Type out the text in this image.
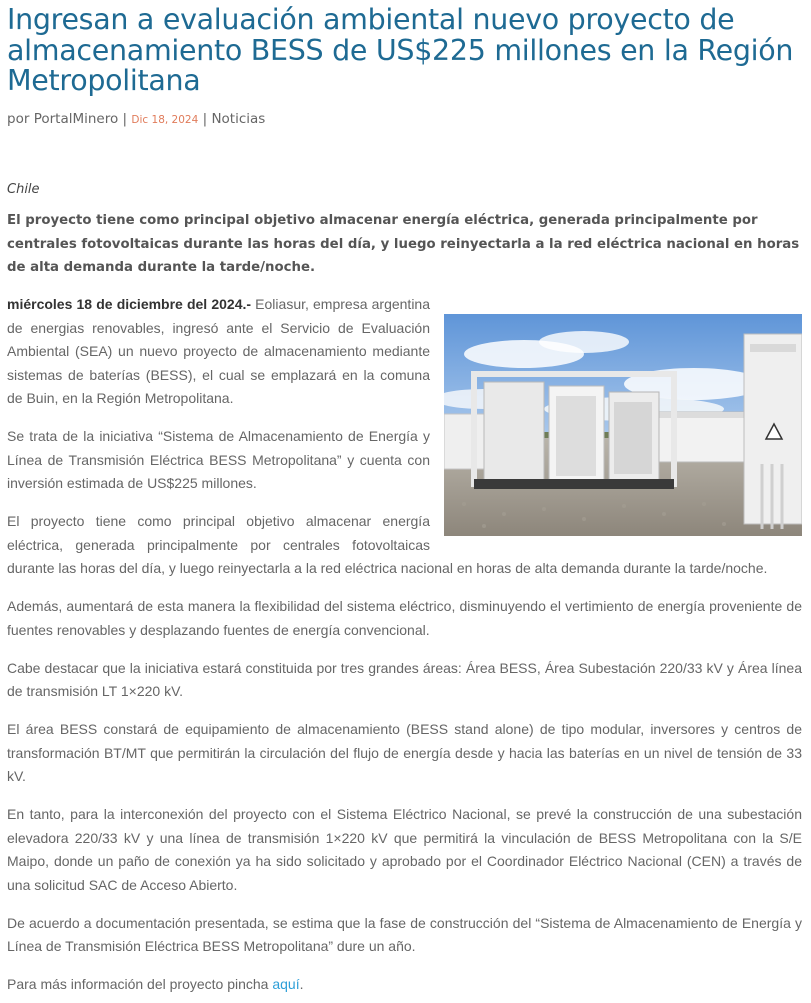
Ingresan a evaluación ambiental nuevo proyecto de almacenamiento BESS de US$225 millones en la Región Metropolitana
por PortalMinero | Dic 18, 2024 | Noticias
Chile

El proyecto tiene como principal objetivo almacenar energía eléctrica, generada principalmente por centrales fotovoltaicas durante las horas del día, y luego reinyectarla a la red eléctrica nacional en horas de alta demanda durante la tarde/noche.

miércoles 18 de diciembre del 2024.- Eoliasur, empresa argentina de energias renovables, ingresó ante el Servicio de Evaluación Ambiental (SEA) un nuevo proyecto de almacenamiento mediante sistemas de baterías (BESS), el cual se emplazará en la comuna de Buin, en la Región Metropolitana.

Se trata de la iniciativa “Sistema de Almacenamiento de Energía y Línea de Transmisión Eléctrica BESS Metropolitana” y cuenta con inversión estimada de US$225 millones.

El proyecto tiene como principal objetivo almacenar energía eléctrica, generada principalmente por centrales fotovoltaicas durante las horas del día, y luego reinyectarla a la red eléctrica nacional en horas de alta demanda durante la tarde/noche.

Además, aumentará de esta manera la flexibilidad del sistema eléctrico, disminuyendo el vertimiento de energía proveniente de fuentes renovables y desplazando fuentes de energía convencional.

Cabe destacar que la iniciativa estará constituida por tres grandes áreas: Área BESS, Área Subestación 220/33 kV y Área línea de transmisión LT 1×220 kV.

El área BESS constará de equipamiento de almacenamiento (BESS stand alone) de tipo modular, inversores y centros de transformación BT/MT que permitirán la circulación del flujo de energía desde y hacia las baterías en un nivel de tensión de 33 kV.

En tanto, para la interconexión del proyecto con el Sistema Eléctrico Nacional, se prevé la construcción de una subestación elevadora 220/33 kV y una línea de transmisión 1×220 kV que permitirá la vinculación de BESS Metropolitana con la S/E Maipo, donde un paño de conexión ya ha sido solicitado y aprobado por el Coordinador Eléctrico Nacional (CEN) a través de una solicitud SAC de Acceso Abierto.

De acuerdo a documentación presentada, se estima que la fase de construcción del “Sistema de Almacenamiento de Energía y Línea de Transmisión Eléctrica BESS Metropolitana” dure un año.

Para más información del proyecto pincha aquí.
